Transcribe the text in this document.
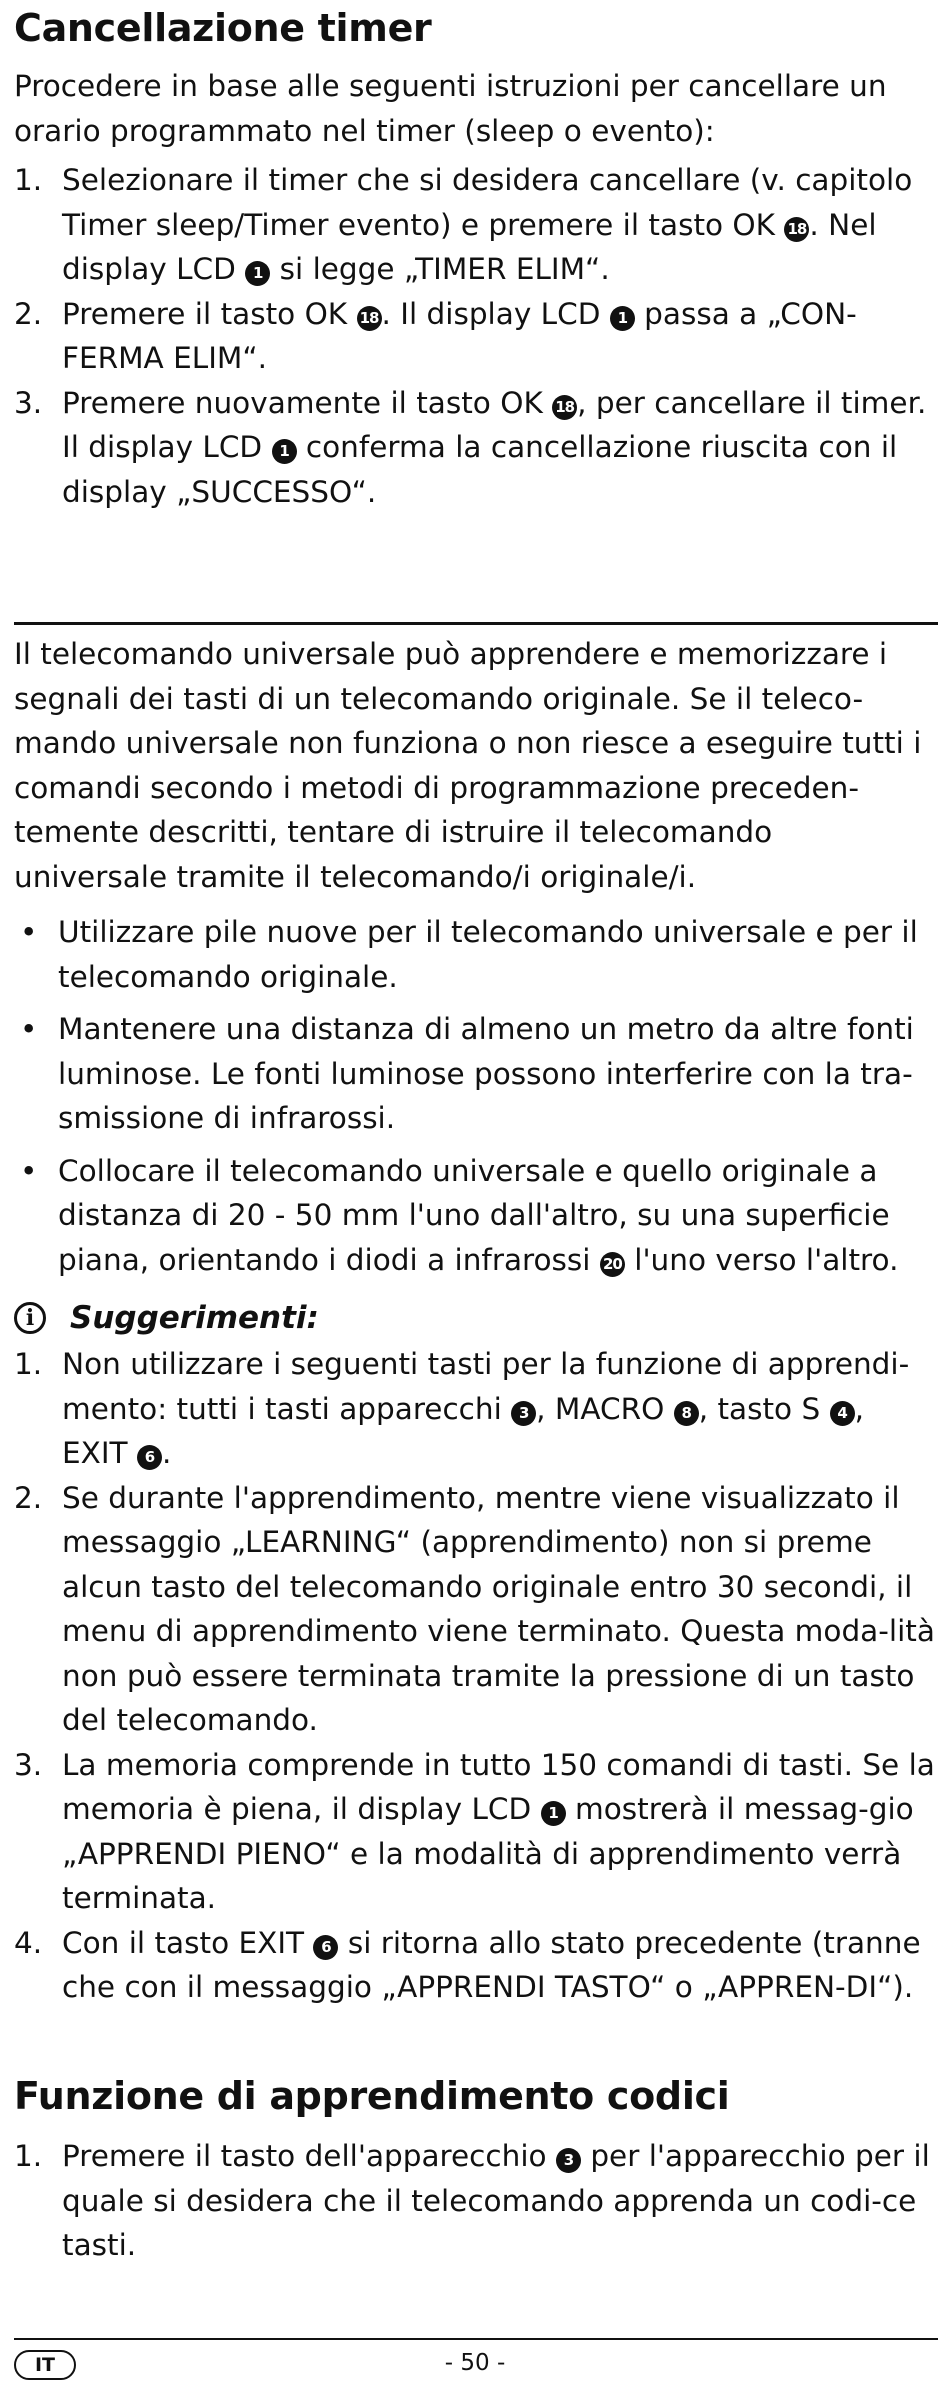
Cancellazione timer

Procedere in base alle seguenti istruzioni per cancellare un orario programmato nel timer (sleep o evento):

1. Selezionare il timer che si desidera cancellare (v. capitolo Timer sleep/Timer evento) e premere il tasto OK 18 . Nel display LCD 1 si legge „TIMER ELIM“.
2. Premere il tasto OK 18 . Il display LCD 1 passa a „CON-FERMA ELIM“.
3. Premere nuovamente il tasto OK 18 , per cancellare il timer. Il display LCD 1 conferma la cancellazione riuscita con il display „SUCCESSO“.

Il telecomando universale può apprendere e memorizzare i segnali dei tasti di un telecomando originale. Se il teleco-mando universale non funziona o non riesce a eseguire tutti i comandi secondo i metodi di programmazione preceden-temente descritti, tentare di istruire il telecomando universale tramite il telecomando/i originale/i.

• Utilizzare pile nuove per il telecomando universale e per il telecomando originale.
• Mantenere una distanza di almeno un metro da altre fonti luminose. Le fonti luminose possono interferire con la tra-smissione di infrarossi.
• Collocare il telecomando universale e quello originale a distanza di 20 - 50 mm l'uno dall'altro, su una superficie piana, orientando i diodi a infrarossi 20 l'uno verso l'altro.
i	Suggerimenti:
1. Non utilizzare i seguenti tasti per la funzione di apprendi-mento: tutti i tasti apparecchi 3 , MACRO 8 , tasto S 4 , EXIT 6 .
2. Se durante l'apprendimento, mentre viene visualizzato il messaggio „LEARNING“ (apprendimento) non si preme alcun tasto del telecomando originale entro 30 secondi, il menu di apprendimento viene terminato. Questa moda-lità non può essere terminata tramite la pressione di un tasto del telecomando.
3. La memoria comprende in tutto 150 comandi di tasti. Se la memoria è piena, il display LCD 1 mostrerà il messag-gio „APPRENDI PIENO“ e la modalità di apprendimento verrà terminata.
4. Con il tasto EXIT 6 si ritorna allo stato precedente (tranne che con il messaggio „APPRENDI TASTO“ o „APPREN-DI“).
Funzione di apprendimento codici
1. Premere il tasto dell'apparecchio 3 per l'apparecchio per il quale si desidera che il telecomando apprenda un codi-ce tasti.
IT	- 50 -
